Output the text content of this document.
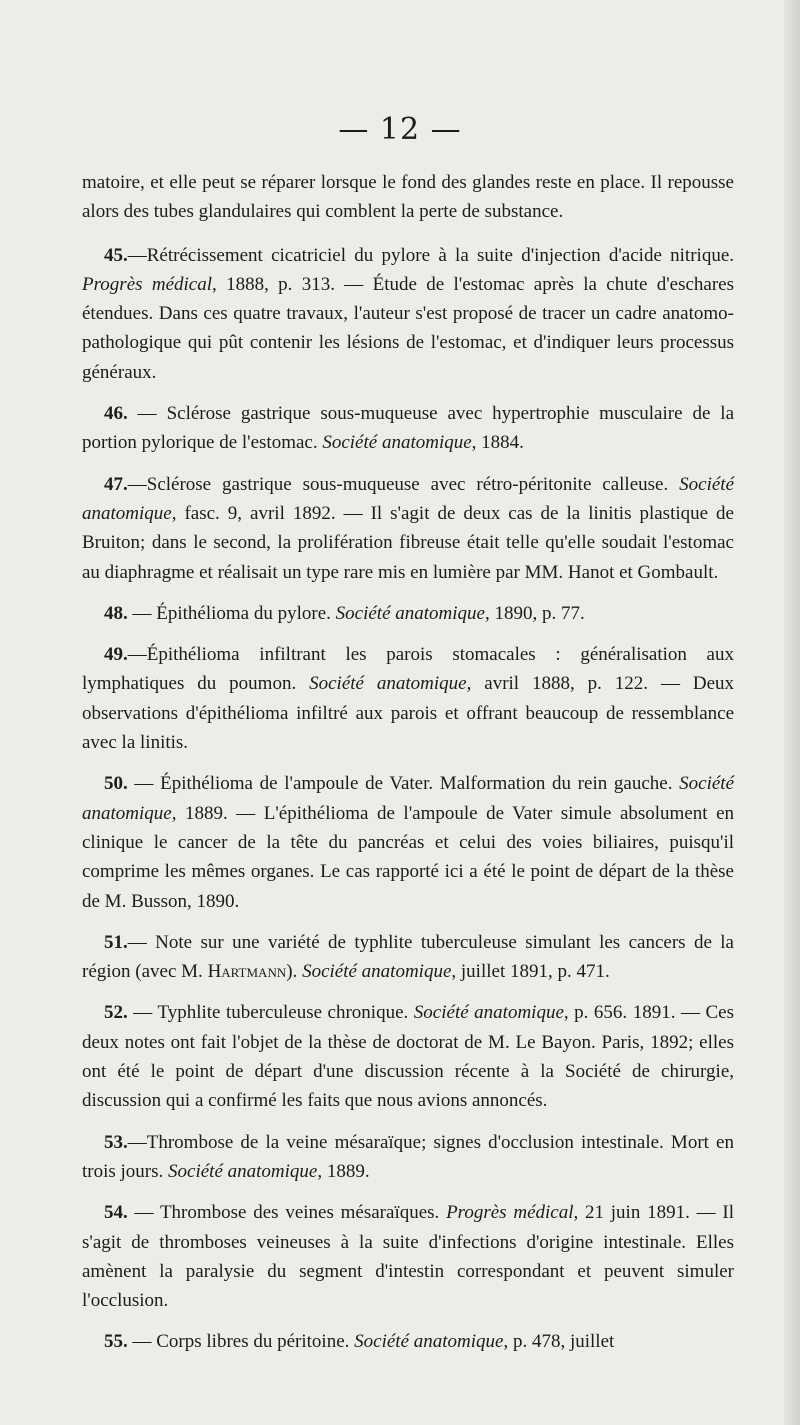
— 12 —

matoire, et elle peut se réparer lorsque le fond des glandes reste en place. Il repousse alors des tubes glandulaires qui comblent la perte de substance.

45.—Rétrécissement cicatriciel du pylore à la suite d'injection d'acide nitrique. Progrès médical, 1888, p. 313. — Étude de l'estomac après la chute d'eschares étendues. Dans ces quatre travaux, l'auteur s'est proposé de tracer un cadre anatomo-pathologique qui pût contenir les lésions de l'estomac, et d'indiquer leurs processus généraux.

46. — Sclérose gastrique sous-muqueuse avec hypertrophie musculaire de la portion pylorique de l'estomac. Société anatomique, 1884.

47.—Sclérose gastrique sous-muqueuse avec rétro-péritonite calleuse. Société anatomique, fasc. 9, avril 1892. — Il s'agit de deux cas de la linitis plastique de Bruiton; dans le second, la prolifération fibreuse était telle qu'elle soudait l'estomac au diaphragme et réalisait un type rare mis en lumière par MM. Hanot et Gombault.

48. — Épithélioma du pylore. Société anatomique, 1890, p. 77.

49.—Épithélioma infiltrant les parois stomacales : généralisation aux lymphatiques du poumon. Société anatomique, avril 1888, p. 122. — Deux observations d'épithélioma infiltré aux parois et offrant beaucoup de ressemblance avec la linitis.

50. — Épithélioma de l'ampoule de Vater. Malformation du rein gauche. Société anatomique, 1889. — L'épithélioma de l'ampoule de Vater simule absolument en clinique le cancer de la tête du pancréas et celui des voies biliaires, puisqu'il comprime les mêmes organes. Le cas rapporté ici a été le point de départ de la thèse de M. Busson, 1890.

51.— Note sur une variété de typhlite tuberculeuse simulant les cancers de la région (avec M. Hartmann). Société anatomique, juillet 1891, p. 471.

52. — Typhlite tuberculeuse chronique. Société anatomique, p. 656. 1891. — Ces deux notes ont fait l'objet de la thèse de doctorat de M. Le Bayon. Paris, 1892; elles ont été le point de départ d'une discussion récente à la Société de chirurgie, discussion qui a confirmé les faits que nous avions annoncés.

53.—Thrombose de la veine mésaraïque; signes d'occlusion intestinale. Mort en trois jours. Société anatomique, 1889.

54. — Thrombose des veines mésaraïques. Progrès médical, 21 juin 1891. — Il s'agit de thromboses veineuses à la suite d'infections d'origine intestinale. Elles amènent la paralysie du segment d'intestin correspondant et peuvent simuler l'occlusion.

55. — Corps libres du péritoine. Société anatomique, p. 478, juillet
